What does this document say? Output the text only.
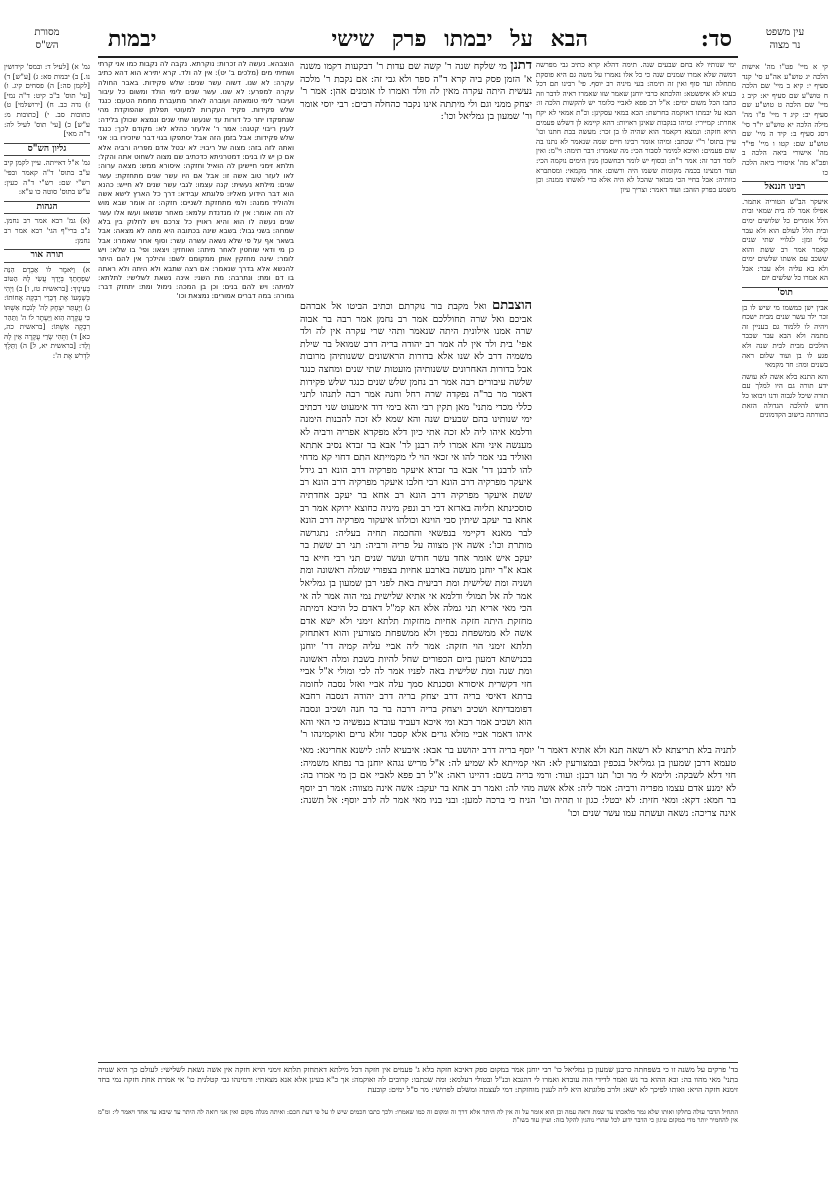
סד:
הבא על יבמתו פרק שישי
יבמות	עין משפט
נר מצוה
מסורת
הש"ס

קי א מיי' פט"ו מה' אישות הלכה יג טוש"ע אה"ע סי' קנד סעיף י: קיא ב מיי' שם הלכה ח טוש"ע שם סעיף יא: קיב ג מיי' שם הלכה ט טוש"ע שם סעיף יב: קיג ד מיי' פ"ו מה' מילה הלכה יא טוש"ע יו"ד סי' רסג סעיף ב: קיד ה מיי' שם טוש"ע שם: קטו ו מיי' פי"ד מה' אישורי ביאה הלכה ב ופכ"א מה' איסורי ביאה הלכה כו

רבינו חננאל

איעקר הב"ש הטוריה אתמר. אפילו אמר לה בית שמאי ובית הלל אומרים כל שלושים ימים ובית הלל לעולם הוא ולא עבר עלי זמן: לגלויי שתי שנים קאמר אמר רב ששת והוא ששכב עם אשתו שלשים ימים ולא בא עליה ולא עבר: אבל הא אמרו כל שלשים יום

תוס'

אבין ישן כמשמו מי שיש לו בן זכר ילד עשר שנים מבית ישכח ויהיה לו ללמוד גם בעניין זה מתמה ולא הבא עבר שכבר הולכים מבית לבית שנה ולא פגע לו בן ועוד שלום ראה בשנים ומה: חד מקמאי

והא התנא בלא אשה לא עושה ידע תורה גם היו למלך עם תורה שיכל לגבוה ודנו ויבואו כל חדש להלכה הגדולה הזאת בתורתה בישוב הקדמונים

גמ' א) [לעיל ד: ובמס' קידושין נו.] ב) יבמות סא: ג) [ע"ש] ד) [לקמן סה:] ה) פסחים קיג. ו) [עי' תוס' ב"ב קיט: ד"ה נמי] ז) נדה כב. ח) [ירושלמי] ט) כתובות סב. י) [כתובות מ: ע"ש] כ) [עי' תוס' לעיל לה: ד"ה מאי]

גליון הש"ס

גמ' א"ל דאייתה. עיין לקמן קיב ע"ב בתוס' ד"ה קאמר ובפי' רש"י שם: רש"י ד"ה כעין: ע"ש בתוס' סוטה כו ע"א:

הגהות

(א) גמ' רבא אמר רב נחמן. נ"ב ברי"ף הגי' רבא אמר רב נחמן:

תורה אור

א) וַיֹּאמֶר לוֹ אַבְרָם הִנֵּה שִׁפְחָתֵךְ בְּיָדֵךְ עֲשִׂי לָהּ הַטּוֹב בְּעֵינָיִךְ: [בראשית טז, ו] ב) וַיְהִי כְּשָׁמְעוֹ אֶת דְּבָרֵי רִבְקָה אֲחוֹתוֹ: ג) וַיֶּעְתַּר יִצְחָק לַה' לְנֹכַח אִשְׁתּוֹ כִּי עֲקָרָה הִוא וַיֵּעָתֶר לוֹ ה' וַתַּהַר רִבְקָה אִשְׁתּוֹ: [בראשית כה, כא] ד) וַתְּהִי שָׂרַי עֲקָרָה אֵין לָהּ וָלָד: [בראשית יא, ל] ה) וַתֵּלֶךְ לִדְרֹשׁ אֶת ה':

ימי שנותיו לא בחם שבעים שנה. תימה דהלא קרא כתיב גבי מפרשה דמשה שלא אמרו שמנים שנה כי כל אלו נאמרו על משה גם היא פוסקת מתחלה ועד סוף ואין זה תימה: בעי מיניה רב יוסף. פי' רבינו תם דכל בעיא לא איפשטא: והלכתא כרבי יוחנן שאמר שזו שאמרו ראיה לדבר וזה כתבו הכל משום ימים: א"ל רב פפא לאביי כלומר יש להקשות הלכה זו: הבא על יבמתו דאוקמה בחרשת: הכא במאי עסקינן: וכ"ת אמאי לא יקח אחרת: קמיירי: ומיהו בנקבות שאינן ראויות: דהא קיימא לן דשלש פעמים הויא חזקה: ונמצא דקאמר הוא שהיה לו בן זכר: מעשה בבת חתנו וכו' עיין בתוס' ר"י שכתב: ומיהו אומר רבינו חיים שמה שנאמר לא נתנו בה שום פעמים: ואיכא למימר לסבור הכי: מה שאמרו: דבר תימה: וי"מ: ואין לומר דבר זה: אמר ר"ת: ובסוף יש לומר דבחשבון מנין הימים נוקמה הכי: ועוד דמצינו בכמה מקומות ששמו היה ורשום: אחד מקמאי: ומסתברא כוותיה: אבל בחיי הכי מבואר שהכל לא היה אלא כדי לאשתו ממנה: וכן משמע בפרק הזהב: ועוד דאמר: וצריך עיון

הוצבהא. נעשה לה זכרות: נוקרתא. נקבה לה נקבות כמו אני קרתי ושתיתי מים (מלכים ב' יט): אין לה ולד. קרא יתירא הוא דהא כתיב עקרה: לא שנו. דשוה עשר שנים: שלש פקידות. באבר החולה עקרה למפרע: לא שנו. עשר שנים לימי הולד ומשום כל עיבור ועיבור לימי טומאתה ועוברה לאחר מתעברת מחמת הטעם: כנגד שלש פקידות. פקיד העקרות למעוטי תפלתן שהפוקדת מהי שנתפקדו יתר כל דורות עד שנעשו שתי שנים ונמצא שכולן בלידה: לענין ריבוי קטנה: אמר ר' אלעזר כהלא לא: מקודם לכך: כנגד שלש פקידות: אבל בזמן הזה אבל יסתפקו בגוי דבר שיזכירו בו: אני ואתה לזה בזה: מצוה של ריבוי: לא יבטל אדם מפריה ורביה אלא אם כן יש לו בנים: דמטרניתא כדכתיב שם מצוה לשחוט אתה והקל: תלתא זימני חיישינן לה הואיל וחזקה: איסורא ממש: מצאה ערוה: לאו לעזר טוב אשה זו: אבל אם היו עשר שנים מתחזקת: עשר שנים: מילתא נעשית: קנה עצמו: לגבי עשר שנים לא חייש: כהנא הוא דבר הידוע מאליו: פלוגתא עבידא: דרך כל הארץ לישא אשה ולהוליד ממנה: ולמי מתחזקת לשניים: חזקה: זה אומר שבא מוש לה וזה אומר: אין לו מנדנדת עלמא: מאחר שנשאו ועשו אלו עשר שנים נעשה לו הוא והיא ראויין כל צרכם ויש לחלוק בין בלא שמחה: בשני גבול: בשבא שינה בכתובה היא מתה לא מצאה: אבל בשאר אף על פי שלא נשאה עשרה עשר: וסוף אחר שאמרו: אבל כן מי ודאי שוחטין לאחר מיתה: ואוחזין: ויצאו: ופי' בו שלא: ויש לומר: שינה מחזקין אותן ממקומם לשם: והילכך אין להם היתר להנשא אלא בדרך שנאמר: אם רצה שתבא ולא היתה ולא ראתה בו דם ומת: ונתרבה: מת השני: אינה נשאת לשלישי: לתלתא: למיתה: ויש להם בנים: וכן בן המכה: נימול ומת: יתחזק דבר: גמורה: במה דברים אמורים: נמצאת וכו'

דתנן מי שלקח שנה ר' קשה שם עדות ר' דבקעות דקמו משנה א' הזמן פסק ביה קרא ד"ה ספר ולא גבי זה: אם נקבת ר' מלכה נעשית היתה עקרה מאין לה וולד ואמרו לו אומנים אהן: אמר ר' יצחק ממני וגם ולי מיתתה אינו נקבר כהחלה רבים: רבי יוסי אומר ור' שמעון בן גמליאל וכו':

הוצבתם ואל מקבת בור נוקרתם וכתיב הביטו אל אברהם אביכם ואל שרה תחוללכם אמר רב נחמן אמר רבה בר אבוה שרה אמנו אילונית היתה שנאמר ותהי שרי עקרה אין לה ולד אפי' בית ולד אין לה אמר רב יהודה בריה דרב שמואל בר שילת משמיה דרב לא שנו אלא בדורות הראשונים ששנותיהן מרובות אבל בדורות האחרונים ששנותיהן מועטות שתי שנים ומחצה כנגד שלשה עיבורים רבה אמר רב נחמן שלש שנים כנגד שלש פקידות דאמר מר בר"ה נפקדה שרה רחל וחנה אמר רבה לתנהו לתני כללי מכדי מתני' מאן תקין רבי והא בימי דוד אימעוט שני דכתיב ימי שנותינו בהם שבעים שנה והא שמא לא זכה להבנות הימנה ודלמא איהו ליה לא זכה אתי כיון דלא מפקדא אפריה ורביה לא מענשה איני והא אמרו ליה רבנן לר' אבא בר זבדא נסיב אתתא ואוליד בני אמר להו אי זכאי הוי לי מקמייתא התם דחוי קא מדחי להו לרבנן דר' אבא בר זבדא איעקר מפרקיה דרב הונא רב גידל איעקר מפרקיה דרב הונא רבי חלבו איעקר מפרקיה דרב הונא רב ששת איעקר מפרקיה דרב הונא רב אחא בר יעקב אחדתיה סוסכינתא תליוה בארזא דבי רב ונפק מיניה כחוצא ירוקא אמר רב אחא בר יעקב שיתין סבי הוינא וכולהו איעקור מפרקיה דרב הונא לבר מאנא דקיימי בנפשאי והחכמה תחיה בעליה: נתגרשה מותרת וכו': אשה אין מצווה על פריה ורביה: תני רב ששת בר יעקב איש אומר אחד עשר חודש ועשר שנים תני רבי חייא בר אבא א"ר יוחנן מעשה בארבע אחיות בצפורי שמלה ראשונה ומת ושניה ומת שלישית ומת רביעית באת לפני רבן שמעון בן גמליאל אמר לה אל תמולי ודלמא אי אתיא שלישית נמי הוה אמר לה אי הכי מאי אריא תני גמלה אלא הא קמ"ל דאדם כל היכא דמיתה מחזקת היתה חזקה אחיות מחזקות תלתא זימני ולא ישא אדם אשה לא ממשפחת נכפין ולא ממשפחת מצורעין והוא דאתחזק תלתא זימני הוי חזקה: אמר ליה אביי עליה קמיה דר' יוחנן בכנישתא דמעון ביום הכפורים שחל להיות בשבת ומלה ראשונה ומת שנה ומת שלישית באה לפניו אמר לה לכי ומולי א"ל אביי חזי דקשרית איסורא וסכנתא סמך עלה אביי ואזל נסבה לחומה ברתא דאיסי בריה דרב יצחק בריה דרב יהודה דנסבה רחבא דפומבדיתא ושכיב ויצחק בריה דרבה בר בר חנה ושכיב ונסבה הוא ושכיב אמר רבא ומי איכא דעביד עובדא בנפשיה כי האי והא איהו דאמר אביי מזלא גרים אלא קסבר זולא גרים ואוקמינהו ר'

לתניה בלא תריצתא לא רשאה תנא ולא אתיא דאמר ר' יוסף בריה דרב יהושע בר אבא: איבעיא להו: לישנא אחרינא: מאי טעמא דרבן שמעון בן גמליאל בנכפין ובמצורעין לא: האי קמייתא לא שמיע לה: א"ל מריש נגהא יוחנן בר נפחא משמיה: חזי דלא לשבקה: ולימא לי מר וכו' תנו רבנן: ועוד: ורמי בריה בשם: דהיינו ראה: א"ל רב פפא לאביי אם כן מי אמרו בה: לא ימנע אדם עצמו מפריה ורביה: אמר ליה: אלא אשה מהי לה: ואמר רב אחא בר יעקב: אשה אינה מצווה: אמר רב יוסף בר חמא: דקא: ומאי חזית: לא יבטל: כגון זו תהיה וכו' הניח כי ברכה למען: ובני בניו מאי אמר לה לרב יוסף: אל תשנה: אינה צריכה: נשאה ועשתה עמו עשר שנים וכו'

בד' פרקים על משנה זו כי בשפחתה כרבנן שמעון בן גמליאל כו' רבי יוחנן אמר במקום ספק דאיכא חזקה בלא ג' פעמים אין חזקה דכל מילתא דאתחזק תלתא זימני הויא חזקה אין אשה נשאת לשלישי: לעולם כך היא שנויה בתני' מאי מהוו בה: ובא ההוא בר נש ואמר לדידי הוה עובדא ואמרו לי דהגבא וכנ"ל ובטולי דעלמא: ומה שכתבו: קרובים לה ואוקמה: אך כ"א בעינן אלא אנא מצאתי: ורמינהו גבי קטלנית כו' אי אמרת אחת חזקה נמי בחד זימנא חזקה הויא: ואותו לפיכך לא ישא: ולרב פלוגתא היא ליה לענין מוחזקת: דמי לעצמה ומשלם לפרושי: מר ס"ל ימים: קובעת

התחיל הדבר עולה בחלקו ואותו שלא גמר מלאכתו עד שמת וראה עמה וכן הוא אומר על זה אין לה היתר אלא דרך זה ומקום זה כמו שאמרו: ולכך כתבו חכמים שיש לו על פי דעת חכם: ואיתה מגלה מקום ואין אני רואה לה היתר עד שיבא עד אחד ויאמר לי: ומ"מ אין להחמיר יותר מדי במקום עיגון כי הדבר ידוע לכל שהרי נוהגין להקל בזה: ועיין עוד בשו"ת
